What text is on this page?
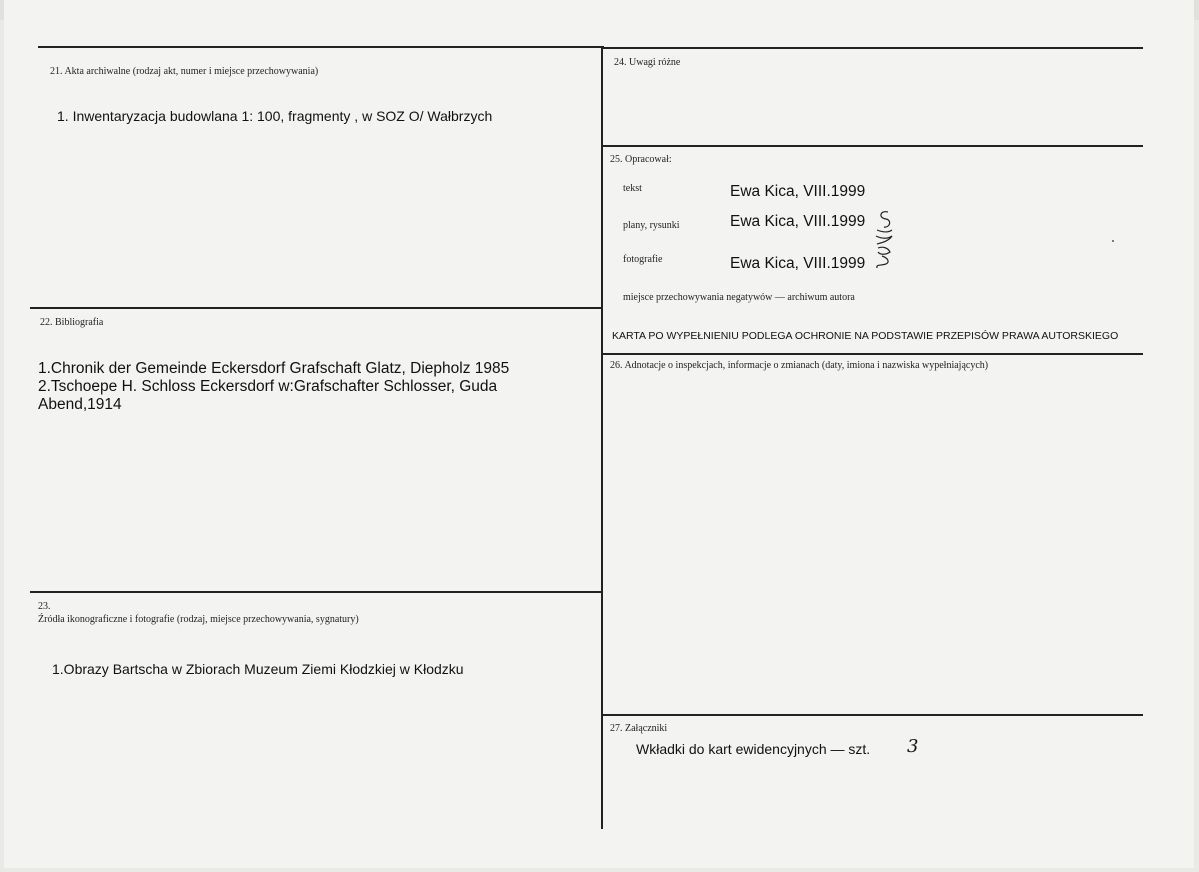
21. Akta archiwalne (rodzaj akt, numer i miejsce przechowywania)
1. Inwentaryzacja budowlana 1: 100, fragmenty , w SOZ O/ Wałbrzych
22. Bibliografia
1.Chronik der Gemeinde Eckersdorf Grafschaft Glatz, Diepholz 1985
2.Tschoepe H. Schloss Eckersdorf w:Grafschafter Schlosser, Guda Abend,1914
23.
Źródła ikonograficzne i fotografie (rodzaj, miejsce przechowywania, sygnatury)
1.Obrazy Bartscha w Zbiorach Muzeum Ziemi Kłodzkiej w Kłodzku
24. Uwagi różne
25. Opracował:
tekst	Ewa Kica, VIII.1999
plany, rysunki	Ewa Kica, VIII.1999
fotografie	Ewa Kica, VIII.1999
miejsce przechowywania negatywów — archiwum autora
KARTA PO WYPEŁNIENIU PODLEGA OCHRONIE NA PODSTAWIE PRZEPISÓW PRAWA AUTORSKIEGO
26. Adnotacje o inspekcjach, informacje o zmianach (daty, imiona i nazwiska wypełniających)
27. Załączniki
Wkładki do kart ewidencyjnych — szt. 3
